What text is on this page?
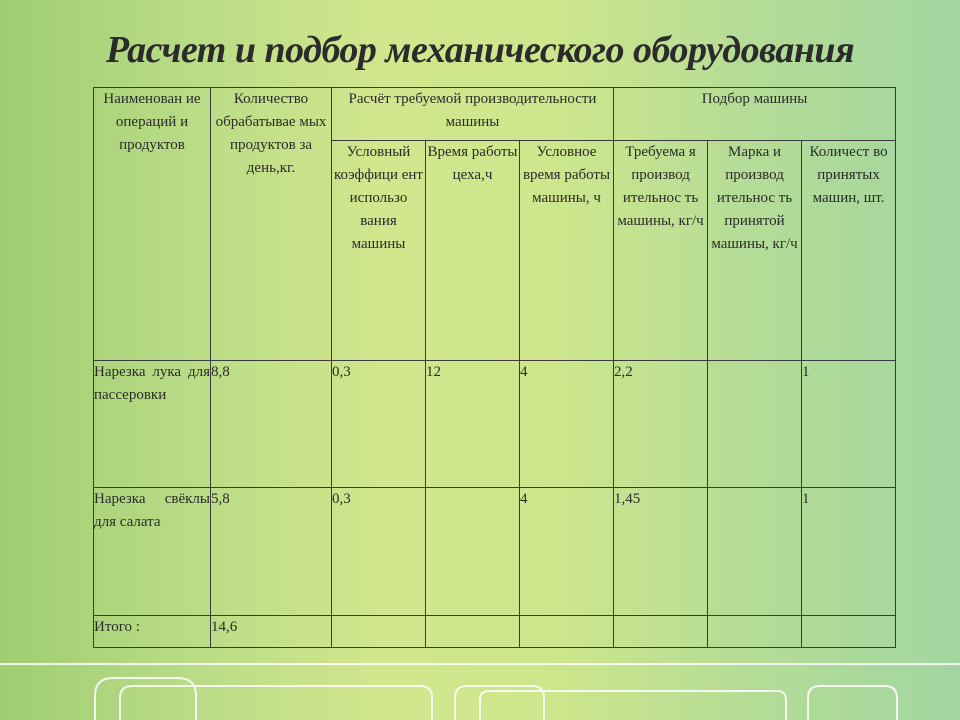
Расчет и подбор механического оборудования
Наименован ие операций и продуктов	Количество обрабатывае мых продуктов за день,кг.	Расчёт требуемой производительности машины			Подбор машины		
		Условный коэффици ент использо вания машины	Время работы цеха,ч	Условное время работы машины, ч	Требуема я производ ительнос ть машины, кг/ч	Марка и производ ительнос ть принятой машины, кг/ч	Количест во принятых машин, шт.
Нарезка лука для пассеровки	8,8	0,3	12	4	2,2		1
Нарезка свёклы для салата	5,8	0,3		4	1,45		1
Итого :	14,6						
